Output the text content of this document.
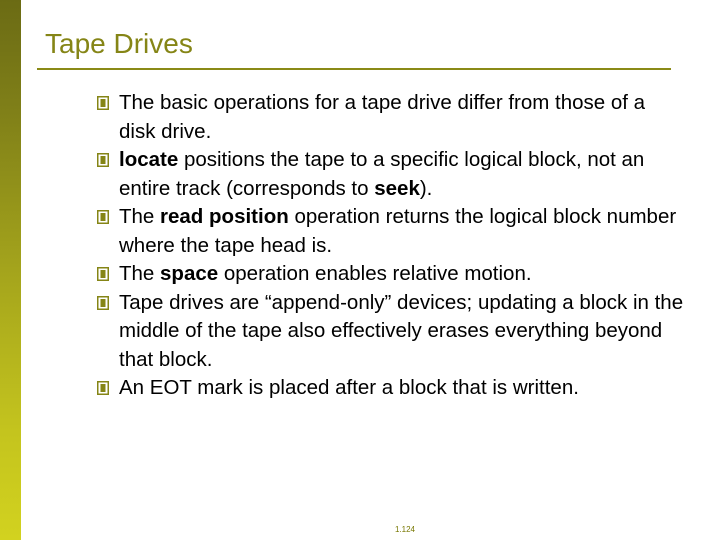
Tape Drives
The basic operations for a tape drive differ from those of a disk drive.
locate positions the tape to a specific logical block, not an entire track (corresponds to seek).
The read position operation returns the logical block number where the tape head is.
The space operation enables relative motion.
Tape drives are “append-only” devices; updating a block in the middle of the tape also effectively erases everything beyond that block.
An EOT mark is placed after a block that is written.
1.124
